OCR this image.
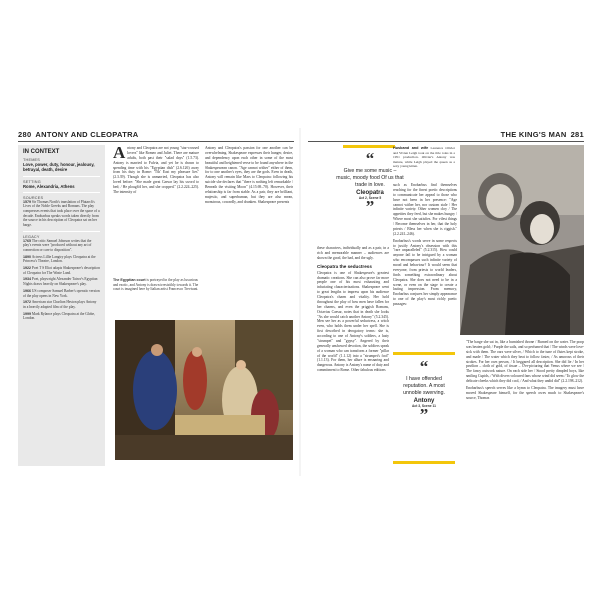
280 ANTONY AND CLEOPATRA	THE KING'S MAN 281
IN CONTEXT
THEMES
Love, power, duty, honour, jealousy, betrayal, death, desire
SETTING
Rome, Alexandria, Athens
SOURCES
1579 Sir Thomas North's translation of Plutarch's Lives of the Noble Greeks and Romans. The play compresses events that took place over the space of a decade. Enobarbus speaks words taken directly from the source in his description of Cleopatra sat on her barge.
LEGACY
1765 The critic Samuel Johnson writes that the play's events were "produced without any art of connection or care to disposition".
1890 Actress Lillie Langtry plays Cleopatra at the Princess's Theatre, London.
1922 Poet T S Eliot adapts Shakespeare's description of Cleopatra for The Waste Land.
1934 Poet, playwright Alexander Tairov's Egyptian Nights draws heavily on Shakespeare's play.
1966 US composer Samuel Barber's operatic version of the play opens in New York.
1972 American star Charlton Heston plays Antony in a heavily adapted film of the play.
1999 Mark Rylance plays Cleopatra at the Globe, London.
A ntony and Cleopatra are not young "star-crossed lovers" like Romeo and Juliet. There are mature adults, both past their "salad days" (1.5.73). Antony is married to Fulvia, and yet he is drawn to spending time with his "Egyptian dish" (2.6.126) away from his duty in Rome: "I'th' East my pleasure lies" (2.3.39). Though she is unmarried, Cleopatra has also loved before: "She made great Caesar lay his sword to bed; / He plough'd her, and she cropped." (2.2.224–225). The intensity of
The Egyptian court is portrayed in the play as luxurious and exotic, and Antony is drawn irresistibly towards it. The court is imagined here by Italian artist Francesco Trevisani.
Antony and Cleopatra's passion for one another can be overwhelming. Shakespeare expresses their hunger, desire, and dependency upon each other in some of the most beautiful and heightened verse to be found anywhere in the Shakespearean canon. "Age cannot wither" either of them, for to one another's eyes, they are the gods. Even in death, Antony will remain like Mars to Cleopatra: following his suicide she declares that "there is nothing left remarkable / Beneath the visiting Moon" (4.15.69–70). However, their relationship is far from stable. As a pair, they are brilliant, majestic, and superhuman, but they are also mean, monstrous, cowardly, and drunken. Shakespeare presents
“
Give me some music – music, moody food Of us that trade in love.
Cleopatra
Act 2, Scene 5
”
these characters, individually and as a pair, in a rich and memorable manner – audiences are shown the good, the bad, and the ugly.
Cleopatra the seductress
Cleopatra is one of Shakespeare's greatest dramatic creations. She can also prove far more people one of his most exhausting and infuriating characterizations. Shakespeare went to great lengths to impress upon his audience Cleopatra's charm and vitality. Her hold throughout the play of how men have fallen for her charms, and even the priggish Romans, Octavius Caesar, notes that in death she looks "As she would catch another Antony" (5.2.345). Men see her as a powerful seductress, a witch even, who holds them under her spell. She is first described in derogatory terms: she is, according to one of Antony's soldiers, a lusty "strumpet" and "gypsy". Angered by their generally unshowed devotion, the soldiers speak of a woman who can transform a former "pillar of the world" (1.1.12) into a "strumpet's fool" (1.1.13). For them, her allure is ensnaring and dangerous. Antony is Antony's name of duty and commitment to Rome. Other fabulous editions
Husband and wife Laurence Olivier and Vivien Leigh took on the title roles in a 1951 production. Olivier's Antony was mature, while Leigh played the queen as a sexy young kitten.
such as Enobarbus find themselves reaching for the finest poetic descriptions to communicate her appeal to those who have not been in her presence: "Age cannot wither her, nor custom stale / Her infinite variety. Other women cloy / The appetites they feed, but she makes hungry / Where most she satisfies. For vilest things / Become themselves in her, that the holy priests / Bless her when she is riggish." (2.2.241–246).
Enobarbus's words serve in some respects to justify Antony's obsession with this "rare unparalleled" (5.2.315). How could anyone fail to be intrigued by a woman who encompasses such infinite variety of mood and behaviour? It would seem that everyone, from priests to world leaders, finds something extraordinary about Cleopatra. She does not need to be in a scene, or even on the stage to create a lasting impression. From memory, Enobarbus conjures her simply appearance to one of the play's most richly poetic passages:
“
I have offended reputation. A most unnoble swerving.
Antony
Act 3, Scene 11
”
"The barge she sat in, like a burnished throne / Burned on the water. The poop was beaten gold; / Purple the sails, and so perfumed that / The winds were love-sick with them. The oars were silver, / Which to the tune of flutes kept stroke, and made / The water which they beat to follow faster, / As amorous of their strokes. For her own person, / It beggared all description. She did lie / In her pavilion – cloth of gold, of tissue – O'er-picturing that Venus where we see / The fancy outwork nature. On each side her / Stood pretty dimpled boys, like smiling Cupids, / With divers-coloured fans whose wind did seem / To glow the delicate cheeks which they did cool, / And what they undid did" (2.2.198–212).
Enobarbus's speech serves like a hymn to Cleopatra. The imagery must have moved Shakespeare himself, for the speech owes much to Shakespeare's source, Thomas
